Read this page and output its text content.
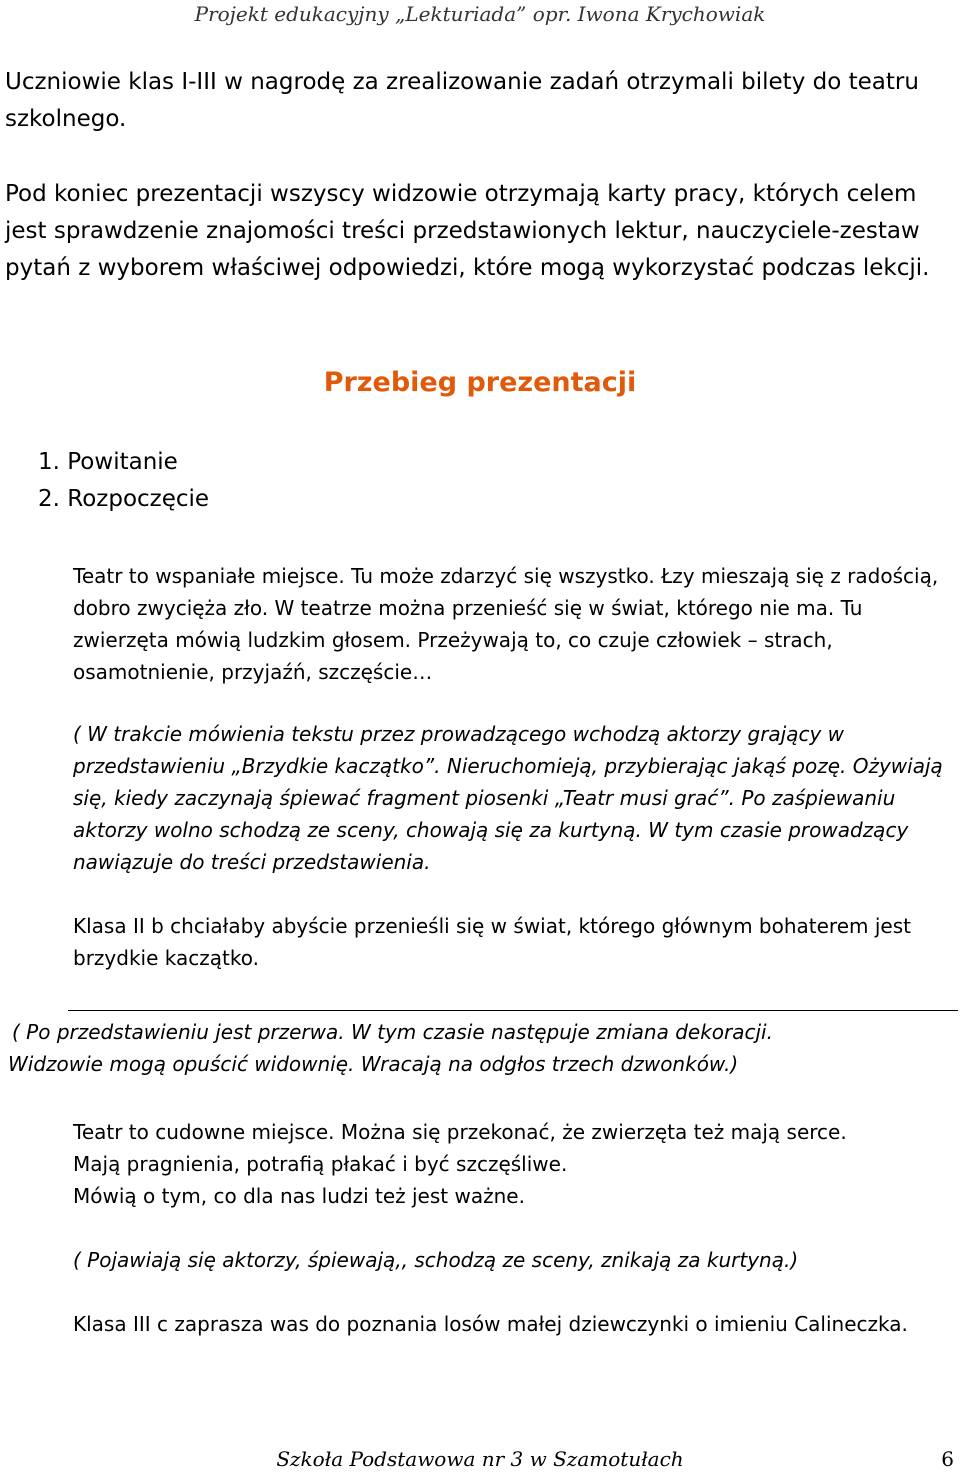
Projekt edukacyjny „Lekturiada” opr. Iwona Krychowiak

Uczniowie klas I-III w nagrodę za zrealizowanie zadań otrzymali bilety do teatru szkolnego.

Pod koniec prezentacji wszyscy widzowie otrzymają karty pracy, których celem jest sprawdzenie znajomości treści przedstawionych lektur, nauczyciele-zestaw pytań z wyborem właściwej odpowiedzi, które mogą wykorzystać podczas lekcji.

Przebieg prezentacji
1. Powitanie
2. Rozpoczęcie

Teatr to wspaniałe miejsce. Tu może zdarzyć się wszystko. Łzy mieszają się z radością, dobro zwycięża zło. W teatrze można przenieść się w świat, którego nie ma. Tu zwierzęta mówią ludzkim głosem. Przeżywają to, co czuje człowiek – strach, osamotnienie, przyjaźń, szczęście…

( W trakcie mówienia tekstu przez prowadzącego wchodzą aktorzy grający w przedstawieniu „Brzydkie kaczątko”. Nieruchomieją, przybierając jakąś pozę. Ożywiają się, kiedy zaczynają śpiewać fragment piosenki „Teatr musi grać”. Po zaśpiewaniu aktorzy wolno schodzą ze sceny, chowają się za kurtyną. W tym czasie prowadzący nawiązuje do treści przedstawienia.

Klasa II b chciałaby abyście przenieśli się w świat, którego głównym bohaterem jest brzydkie kaczątko.

( Po przedstawieniu jest przerwa. W tym czasie następuje zmiana dekoracji.

Widzowie mogą opuścić widownię. Wracają na odgłos trzech dzwonków.)

Teatr to cudowne miejsce. Można się przekonać, że zwierzęta też mają serce.

Mają pragnienia, potrafią płakać i być szczęśliwe.

Mówią o tym, co dla nas ludzi też jest ważne.

( Pojawiają się aktorzy, śpiewają,, schodzą ze sceny, znikają za kurtyną.)

Klasa III c zaprasza was do poznania losów małej dziewczynki o imieniu Calineczka.

Szkoła Podstawowa nr 3 w Szamotułach	6
